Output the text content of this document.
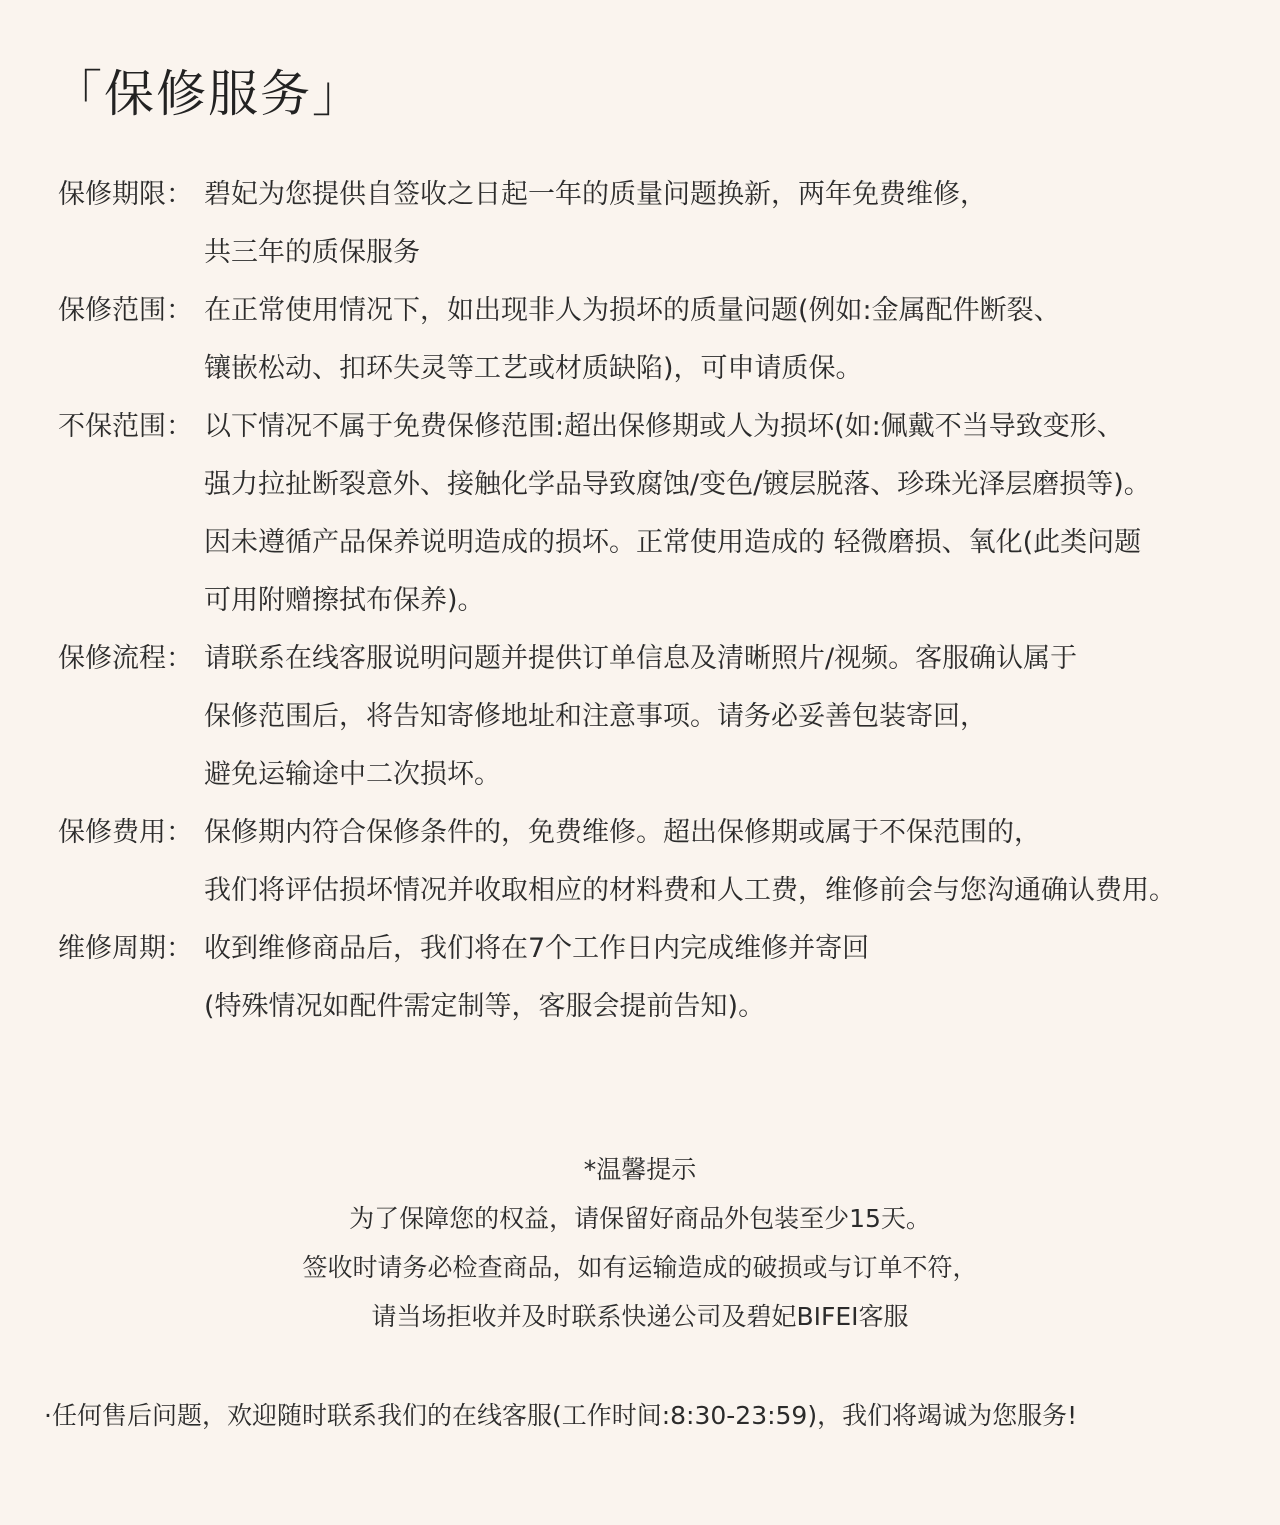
「保修服务」
保修期限： 碧妃为您提供自签收之日起一年的质量问题换新，两年免费维修，
共三年的质保服务
保修范围： 在正常使用情况下，如出现非人为损坏的质量问题(例如:金属配件断裂、
镶嵌松动、扣环失灵等工艺或材质缺陷)，可申请质保。
不保范围： 以下情况不属于免费保修范围:超出保修期或人为损坏(如:佩戴不当导致变形、
强力拉扯断裂意外、接触化学品导致腐蚀/变色/镀层脱落、珍珠光泽层磨损等)。
因未遵循产品保养说明造成的损坏。正常使用造成的 轻微磨损、氧化(此类问题
可用附赠擦拭布保养)。
保修流程： 请联系在线客服说明问题并提供订单信息及清晰照片/视频。客服确认属于
保修范围后，将告知寄修地址和注意事项。请务必妥善包装寄回，
避免运输途中二次损坏。
保修费用： 保修期内符合保修条件的，免费维修。超出保修期或属于不保范围的，
我们将评估损坏情况并收取相应的材料费和人工费，维修前会与您沟通确认费用。
维修周期： 收到维修商品后，我们将在7个工作日内完成维修并寄回
(特殊情况如配件需定制等，客服会提前告知)。
*温馨提示
为了保障您的权益，请保留好商品外包装至少15天。
签收时请务必检查商品，如有运输造成的破损或与订单不符，
请当场拒收并及时联系快递公司及碧妃BIFEI客服
·任何售后问题，欢迎随时联系我们的在线客服(工作时间:8:30-23:59)，我们将竭诚为您服务!
